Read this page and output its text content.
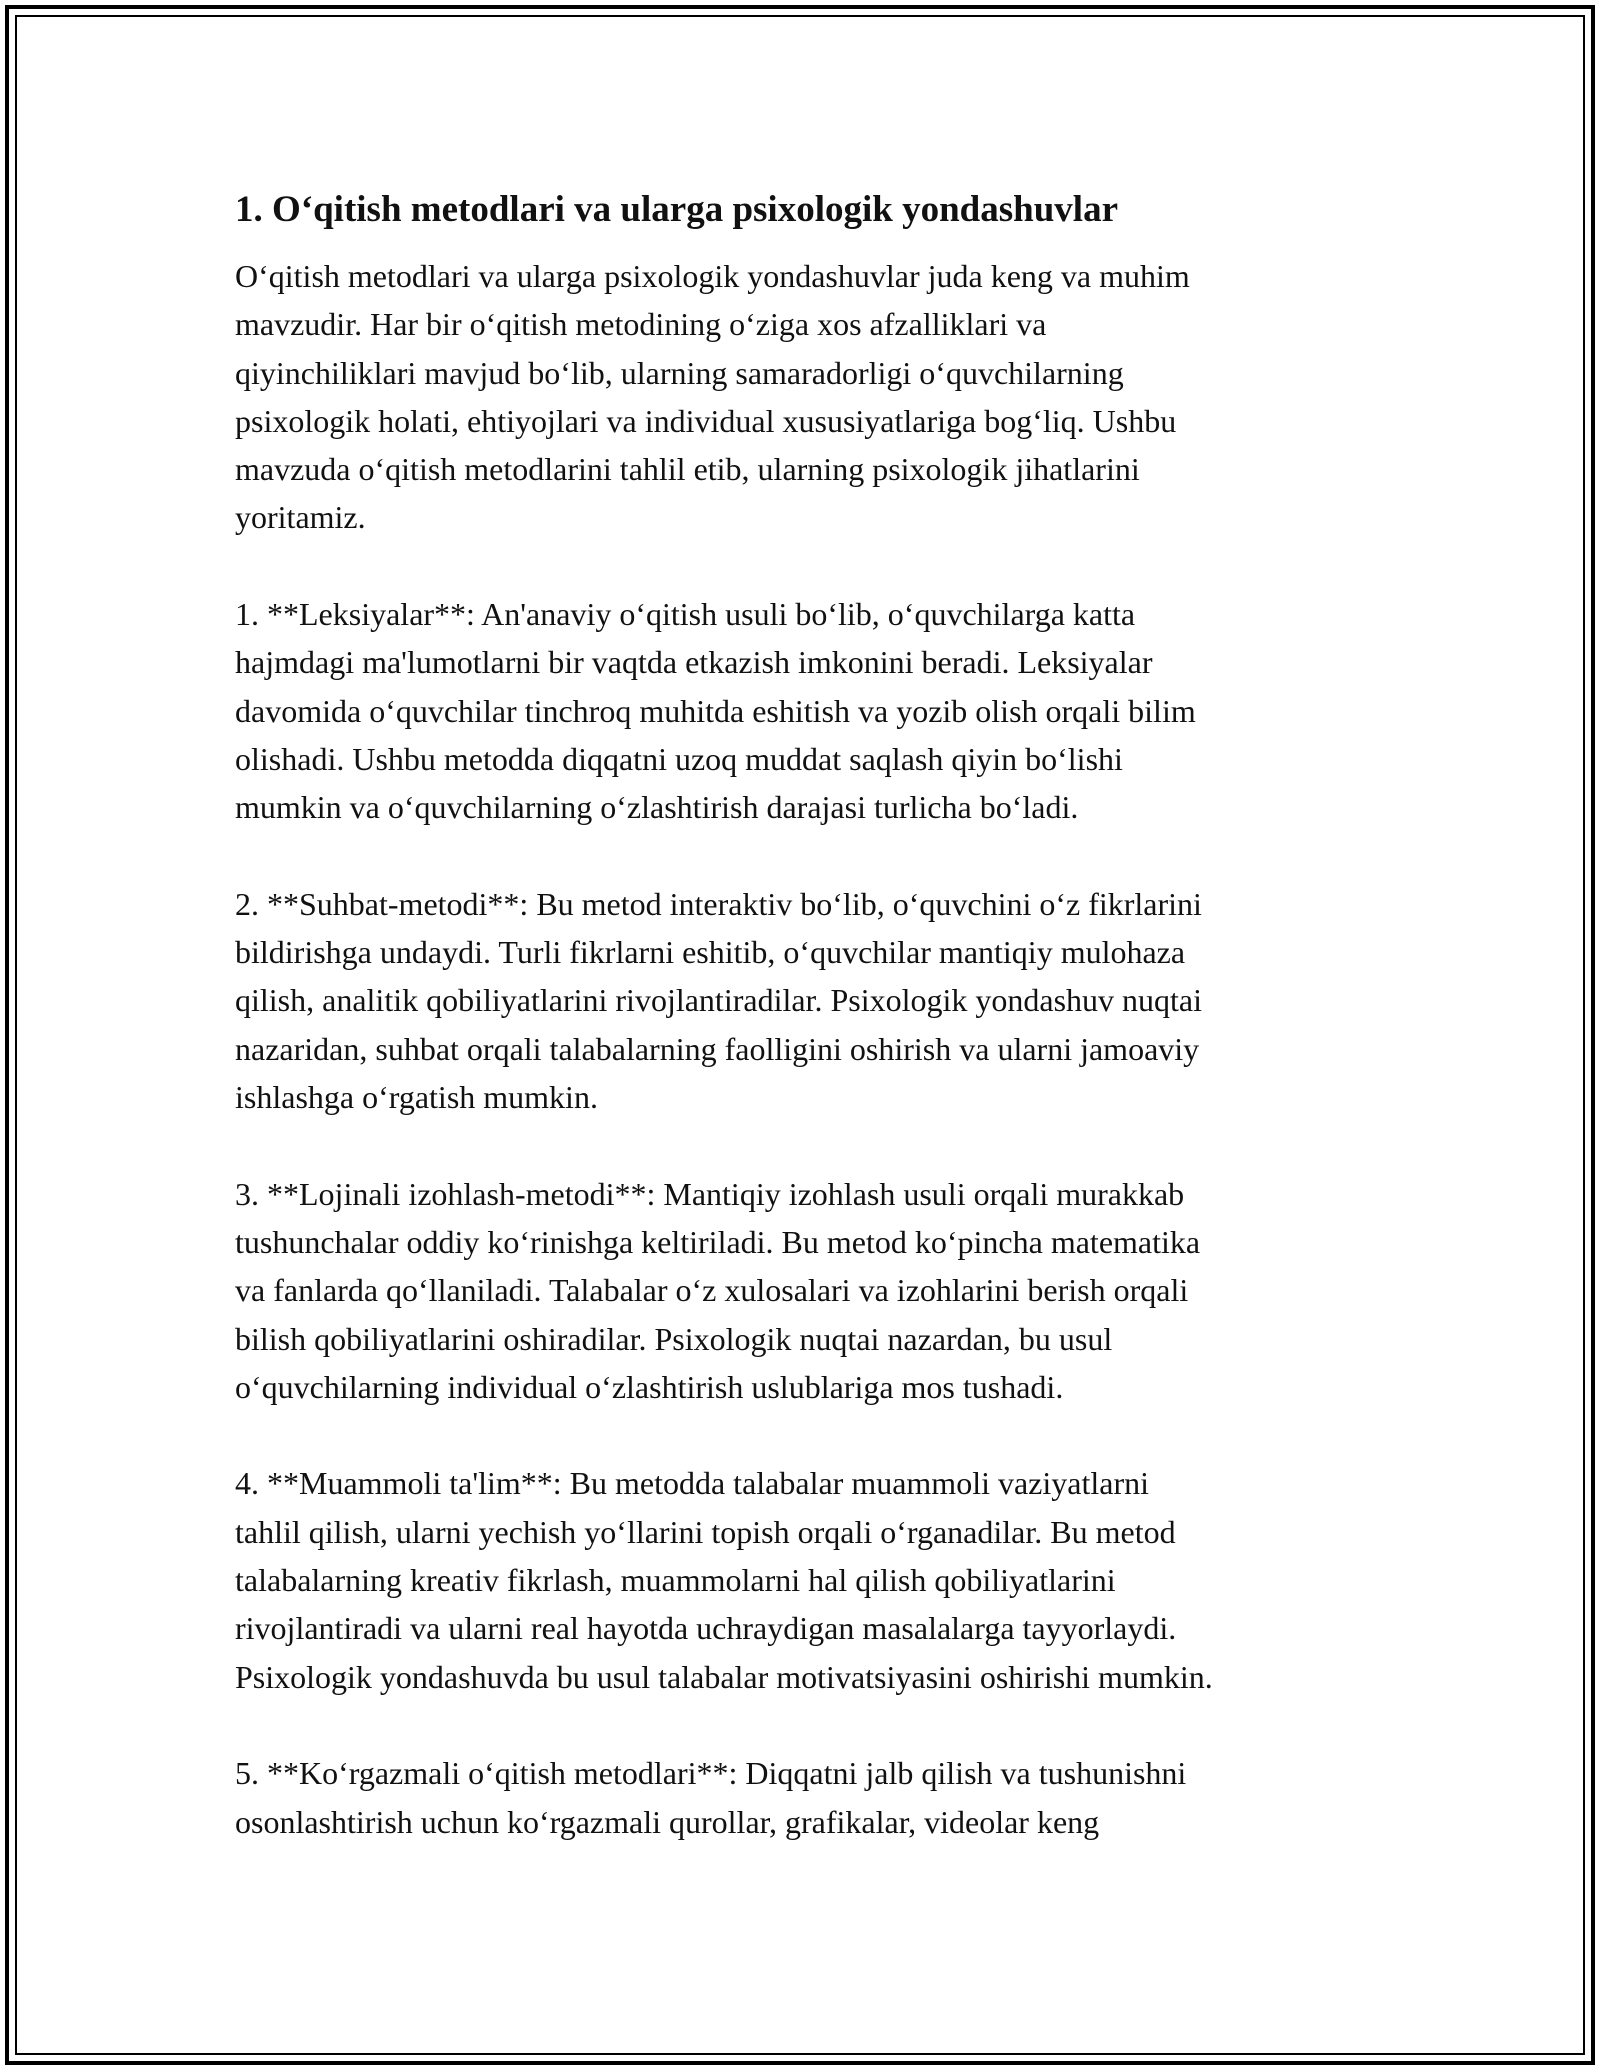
1. O‘qitish metodlari va ularga psixologik yondashuvlar

O‘qitish metodlari va ularga psixologik yondashuvlar juda keng va muhim
mavzudir. Har bir o‘qitish metodining o‘ziga xos afzalliklari va
qiyinchiliklari mavjud bo‘lib, ularning samaradorligi o‘quvchilarning
psixologik holati, ehtiyojlari va individual xususiyatlariga bog‘liq. Ushbu
mavzuda o‘qitish metodlarini tahlil etib, ularning psixologik jihatlarini
yoritamiz.

1. **Leksiyalar**: An'anaviy o‘qitish usuli bo‘lib, o‘quvchilarga katta
hajmdagi ma'lumotlarni bir vaqtda etkazish imkonini beradi. Leksiyalar
davomida o‘quvchilar tinchroq muhitda eshitish va yozib olish orqali bilim
olishadi. Ushbu metodda diqqatni uzoq muddat saqlash qiyin bo‘lishi
mumkin va o‘quvchilarning o‘zlashtirish darajasi turlicha bo‘ladi.

2. **Suhbat-metodi**: Bu metod interaktiv bo‘lib, o‘quvchini o‘z fikrlarini
bildirishga undaydi. Turli fikrlarni eshitib, o‘quvchilar mantiqiy mulohaza
qilish, analitik qobiliyatlarini rivojlantiradilar. Psixologik yondashuv nuqtai
nazaridan, suhbat orqali talabalarning faolligini oshirish va ularni jamoaviy
ishlashga o‘rgatish mumkin.

3. **Lojinali izohlash-metodi**: Mantiqiy izohlash usuli orqali murakkab
tushunchalar oddiy ko‘rinishga keltiriladi. Bu metod ko‘pincha matematika
va fanlarda qo‘llaniladi. Talabalar o‘z xulosalari va izohlarini berish orqali
bilish qobiliyatlarini oshiradilar. Psixologik nuqtai nazardan, bu usul
o‘quvchilarning individual o‘zlashtirish uslublariga mos tushadi.

4. **Muammoli ta'lim**: Bu metodda talabalar muammoli vaziyatlarni
tahlil qilish, ularni yechish yo‘llarini topish orqali o‘rganadilar. Bu metod
talabalarning kreativ fikrlash, muammolarni hal qilish qobiliyatlarini
rivojlantiradi va ularni real hayotda uchraydigan masalalarga tayyorlaydi.
Psixologik yondashuvda bu usul talabalar motivatsiyasini oshirishi mumkin.

5. **Ko‘rgazmali o‘qitish metodlari**: Diqqatni jalb qilish va tushunishni
osonlashtirish uchun ko‘rgazmali qurollar, grafikalar, videolar keng
